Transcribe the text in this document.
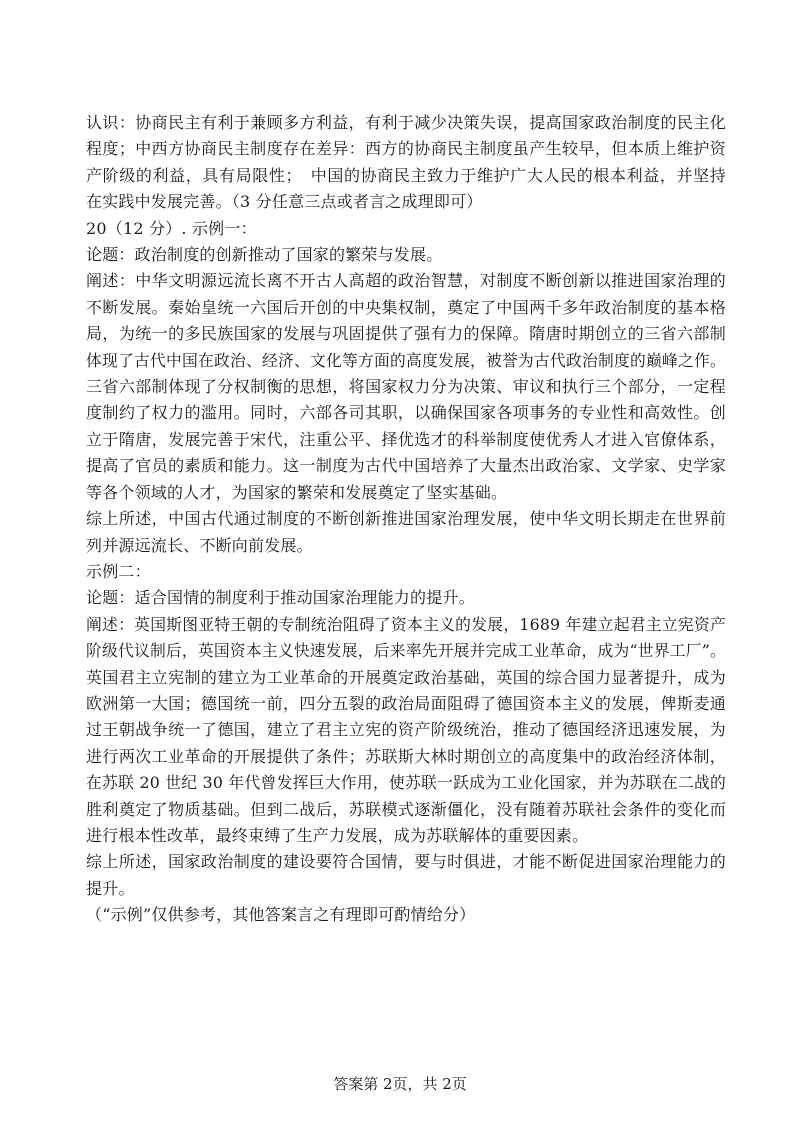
认识：协商民主有利于兼顾多方利益，有利于减少决策失误，提高国家政治制度的民主化
程度；中西方协商民主制度存在差异：西方的协商民主制度虽产生较早，但本质上维护资
产阶级的利益，具有局限性；　中国的协商民主致力于维护广大人民的根本利益，并坚持
在实践中发展完善。（3 分任意三点或者言之成理即可）
20（12 分）. 示例一：
论题：政治制度的创新推动了国家的繁荣与发展。
阐述：中华文明源远流长离不开古人高超的政治智慧，对制度不断创新以推进国家治理的
不断发展。秦始皇统一六国后开创的中央集权制，奠定了中国两千多年政治制度的基本格
局，为统一的多民族国家的发展与巩固提供了强有力的保障。隋唐时期创立的三省六部制
体现了古代中国在政治、经济、文化等方面的高度发展，被誉为古代政治制度的巅峰之作。
三省六部制体现了分权制衡的思想，将国家权力分为决策、审议和执行三个部分，一定程
度制约了权力的滥用。同时，六部各司其职，以确保国家各项事务的专业性和高效性。创
立于隋唐，发展完善于宋代，注重公平、择优选才的科举制度使优秀人才进入官僚体系，
提高了官员的素质和能力。这一制度为古代中国培养了大量杰出政治家、文学家、史学家
等各个领域的人才，为国家的繁荣和发展奠定了坚实基础。
综上所述，中国古代通过制度的不断创新推进国家治理发展，使中华文明长期走在世界前
列并源远流长、不断向前发展。
示例二：
论题：适合国情的制度利于推动国家治理能力的提升。
阐述：英国斯图亚特王朝的专制统治阻碍了资本主义的发展，1689 年建立起君主立宪资产
阶级代议制后，英国资本主义快速发展，后来率先开展并完成工业革命，成为“世界工厂”。
英国君主立宪制的建立为工业革命的开展奠定政治基础，英国的综合国力显著提升，成为
欧洲第一大国；德国统一前，四分五裂的政治局面阻碍了德国资本主义的发展，俾斯麦通
过王朝战争统一了德国，建立了君主立宪的资产阶级统治，推动了德国经济迅速发展，为
进行两次工业革命的开展提供了条件；苏联斯大林时期创立的高度集中的政治经济体制，
在苏联 20 世纪 30 年代曾发挥巨大作用，使苏联一跃成为工业化国家，并为苏联在二战的
胜利奠定了物质基础。但到二战后，苏联模式逐渐僵化，没有随着苏联社会条件的变化而
进行根本性改革，最终束缚了生产力发展，成为苏联解体的重要因素。
综上所述，国家政治制度的建设要符合国情，要与时俱进，才能不断促进国家治理能力的
提升。
（“示例”仅供参考，其他答案言之有理即可酌情给分）
答案第 2页，共 2页
